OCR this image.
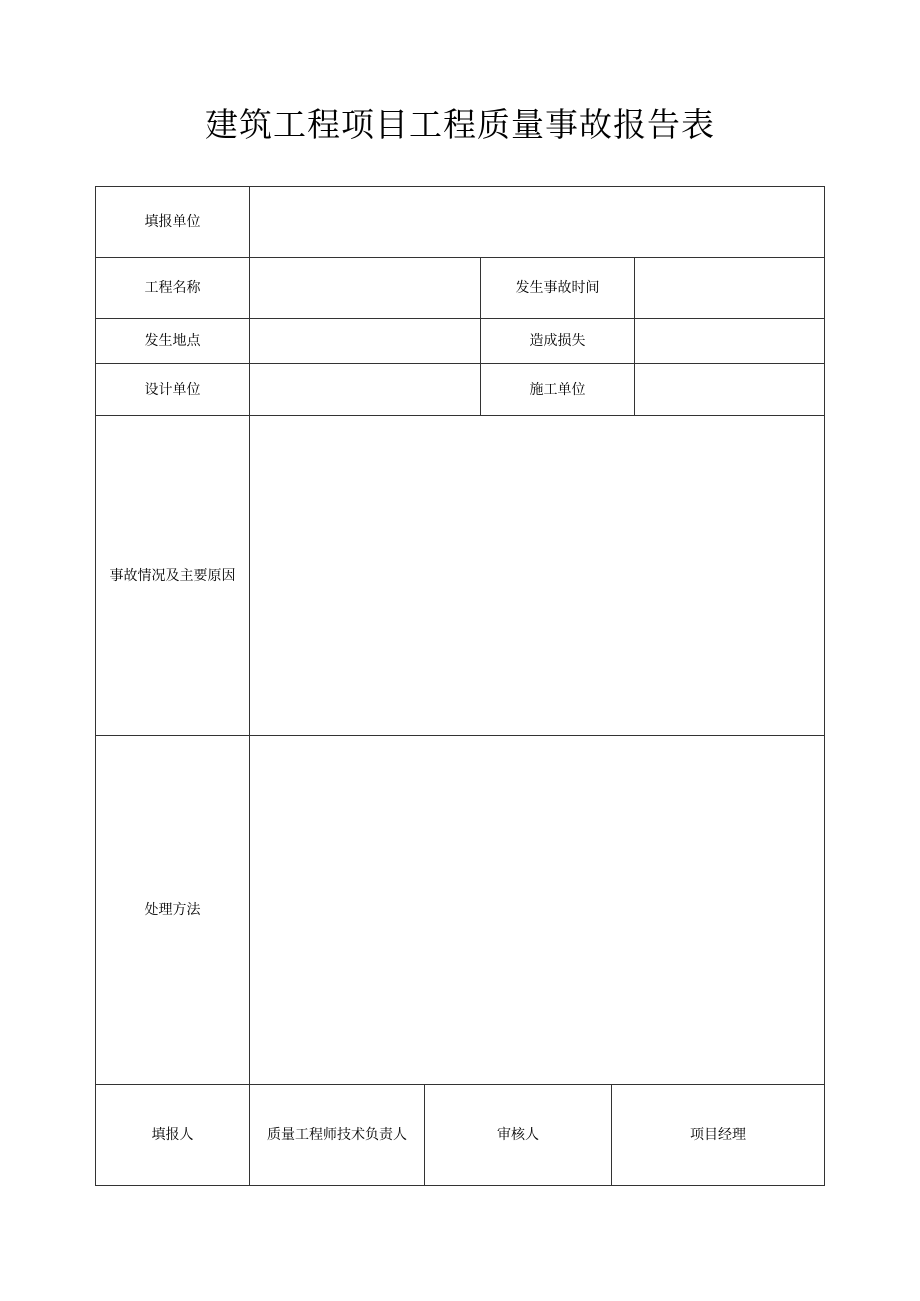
建筑工程项目工程质量事故报告表
填报单位
工程名称	发生事故时间
发生地点	造成损失
设计单位	施工单位
事故情况及主要原因
处理方法
填报人	质量工程师技术负责人	审核人	项目经理
